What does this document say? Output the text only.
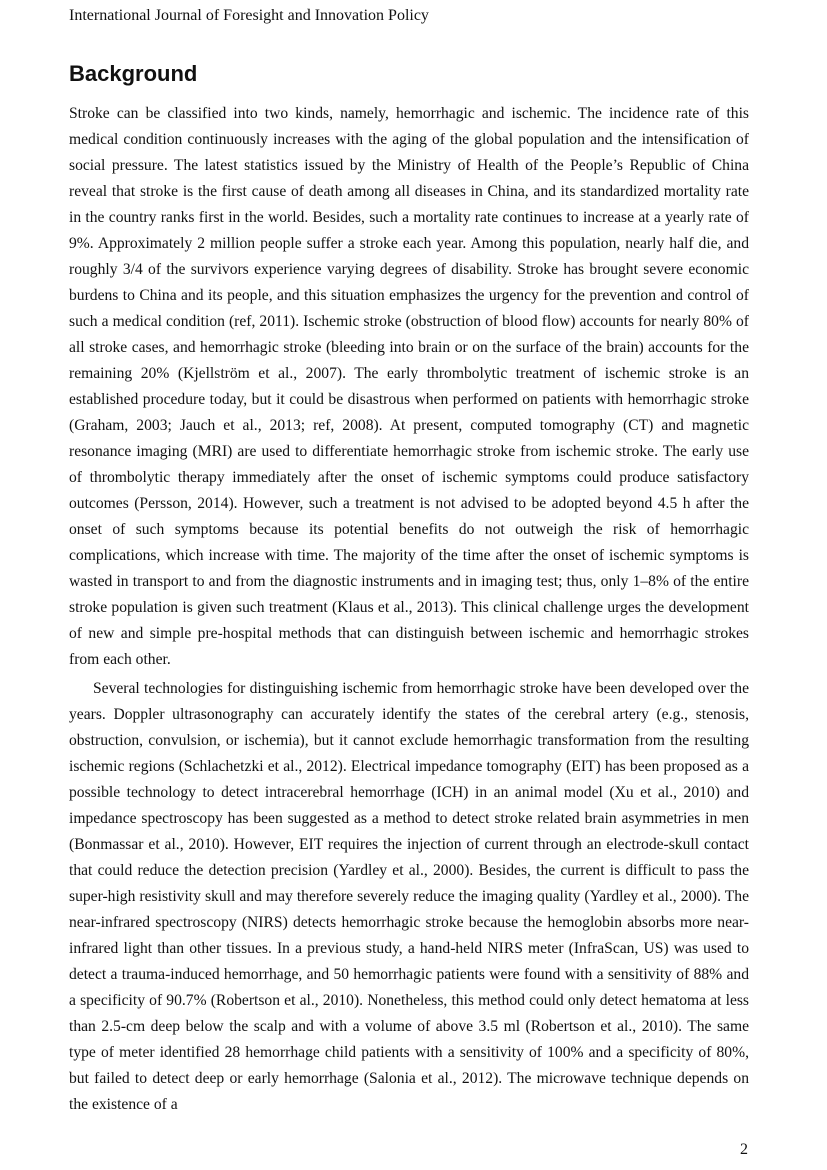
International Journal of Foresight and Innovation Policy
Background

Stroke can be classified into two kinds, namely, hemorrhagic and ischemic. The incidence rate of this medical condition continuously increases with the aging of the global population and the intensification of social pressure. The latest statistics issued by the Ministry of Health of the People’s Republic of China reveal that stroke is the first cause of death among all diseases in China, and its standardized mortality rate in the country ranks first in the world. Besides, such a mortality rate continues to increase at a yearly rate of 9%. Approximately 2 million people suffer a stroke each year. Among this population, nearly half die, and roughly 3/4 of the survivors experience varying degrees of disability. Stroke has brought severe economic burdens to China and its people, and this situation emphasizes the urgency for the prevention and control of such a medical condition (ref, 2011). Ischemic stroke (obstruction of blood flow) accounts for nearly 80% of all stroke cases, and hemorrhagic stroke (bleeding into brain or on the surface of the brain) accounts for the remaining 20% (Kjellström et al., 2007). The early thrombolytic treatment of ischemic stroke is an established procedure today, but it could be disastrous when performed on patients with hemorrhagic stroke (Graham, 2003; Jauch et al., 2013; ref, 2008). At present, computed tomography (CT) and magnetic resonance imaging (MRI) are used to differentiate hemorrhagic stroke from ischemic stroke. The early use of thrombolytic therapy immediately after the onset of ischemic symptoms could produce satisfactory outcomes (Persson, 2014). However, such a treatment is not advised to be adopted beyond 4.5 h after the onset of such symptoms because its potential benefits do not outweigh the risk of hemorrhagic complications, which increase with time. The majority of the time after the onset of ischemic symptoms is wasted in transport to and from the diagnostic instruments and in imaging test; thus, only 1–8% of the entire stroke population is given such treatment (Klaus et al., 2013). This clinical challenge urges the development of new and simple pre-hospital methods that can distinguish between ischemic and hemorrhagic strokes from each other.

Several technologies for distinguishing ischemic from hemorrhagic stroke have been developed over the years. Doppler ultrasonography can accurately identify the states of the cerebral artery (e.g., stenosis, obstruction, convulsion, or ischemia), but it cannot exclude hemorrhagic transformation from the resulting ischemic regions (Schlachetzki et al., 2012). Electrical impedance tomography (EIT) has been proposed as a possible technology to detect intracerebral hemorrhage (ICH) in an animal model (Xu et al., 2010) and impedance spectroscopy has been suggested as a method to detect stroke related brain asymmetries in men (Bonmassar et al., 2010). However, EIT requires the injection of current through an electrode-skull contact that could reduce the detection precision (Yardley et al., 2000). Besides, the current is difficult to pass the super-high resistivity skull and may therefore severely reduce the imaging quality (Yardley et al., 2000). The near-infrared spectroscopy (NIRS) detects hemorrhagic stroke because the hemoglobin absorbs more near-infrared light than other tissues. In a previous study, a hand-held NIRS meter (InfraScan, US) was used to detect a trauma-induced hemorrhage, and 50 hemorrhagic patients were found with a sensitivity of 88% and a specificity of 90.7% (Robertson et al., 2010). Nonetheless, this method could only detect hematoma at less than 2.5-cm deep below the scalp and with a volume of above 3.5 ml (Robertson et al., 2010). The same type of meter identified 28 hemorrhage child patients with a sensitivity of 100% and a specificity of 80%, but failed to detect deep or early hemorrhage (Salonia et al., 2012). The microwave technique depends on the existence of a

2
